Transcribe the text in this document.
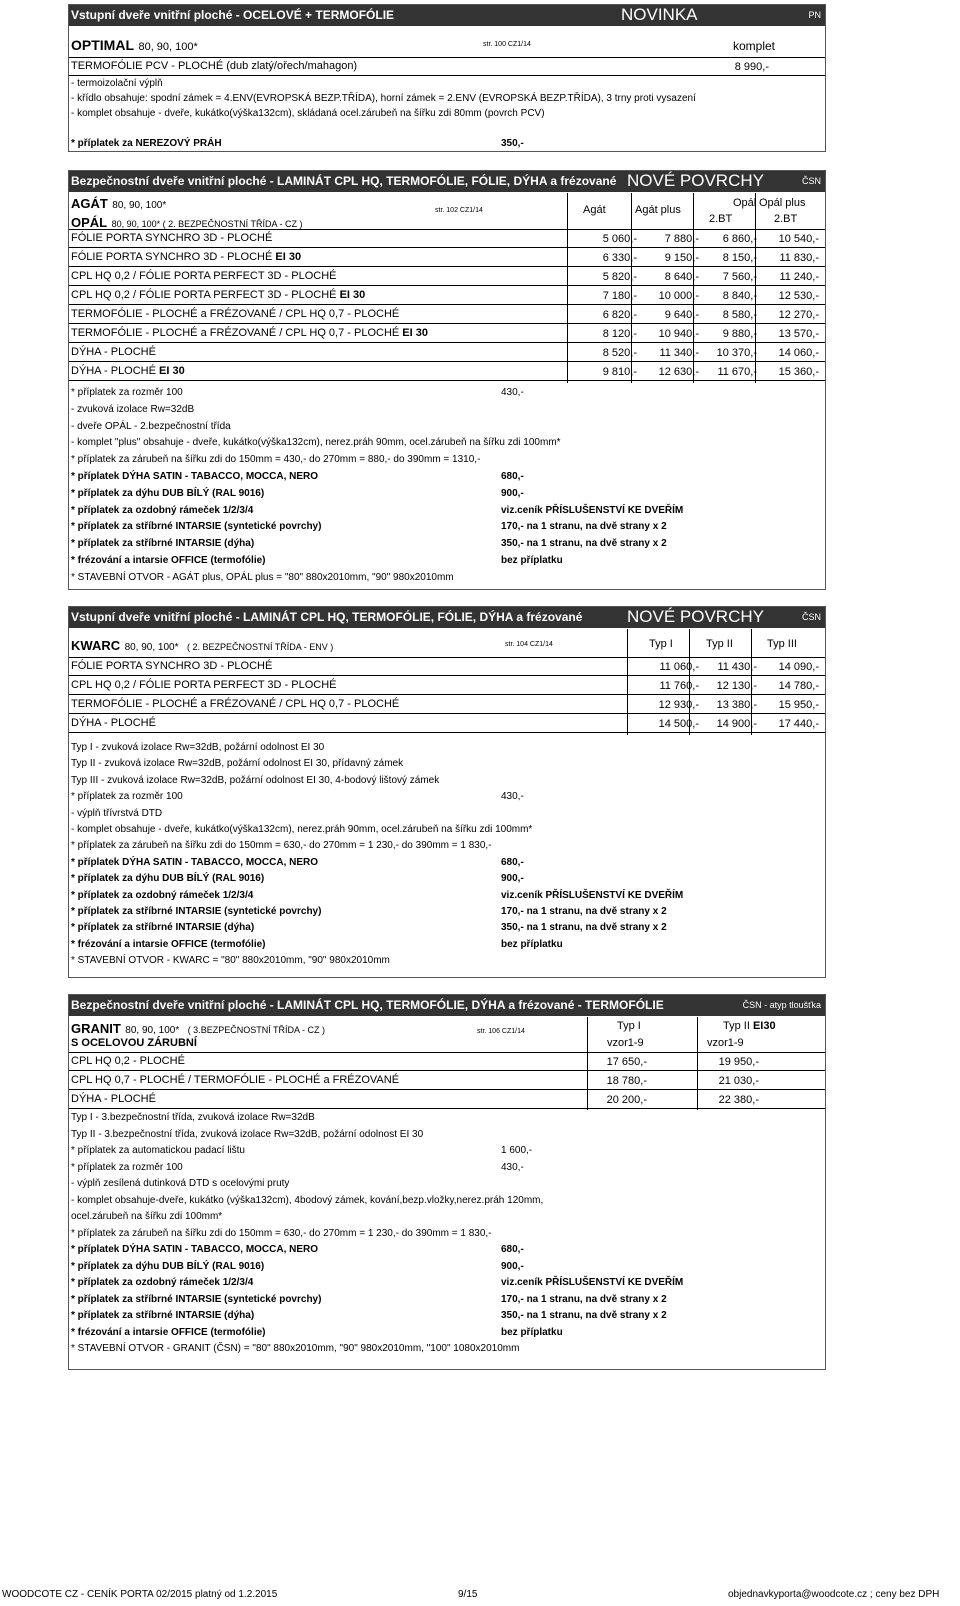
Vstupní dveře vnitřní ploché - OCELOVÉ + TERMOFÓLIE	NOVINKA	PN
OPTIMAL 80, 90, 100*	str. 100 CZ1/14	komplet
TERMOFÓLIE PCV - PLOCHÉ (dub zlatý/ořech/mahagon)	8 990,-
- termoizolační výplň
- křídlo obsahuje: spodní zámek = 4.ENV(EVROPSKÁ BEZP.TŘÍDA), horní zámek = 2.ENV (EVROPSKÁ BEZP.TŘÍDA), 3 trny proti vysazení
- komplet obsahuje - dveře, kukátko(výška132cm), skládaná ocel.zárubeň na šířku zdi 80mm (povrch PCV)
* příplatek za NEREZOVÝ PRÁH	350,-
Bezpečnostní dveře vnitřní ploché - LAMINÁT CPL HQ, TERMOFÓLIE, FÓLIE, DÝHA a frézované NOVÉ POVRCHY	ČSN
AGÁT 80, 90, 100*
OPÁL 80, 90, 100* ( 2. BEZPEČNOSTNÍ TŘÍDA - CZ )
str. 102 CZ1/14	Agát	Agát plus
Opál
2.BT
Opál plus
2.BT
FÓLIE PORTA SYNCHRO 3D - PLOCHÉ	5 060,-	7 880,- 6 860,- 10 540,-
FÓLIE PORTA SYNCHRO 3D - PLOCHÉ EI 30	6 330,-	9 150,- 8 150,- 11 830,-
CPL HQ 0,2 / FÓLIE PORTA PERFECT 3D - PLOCHÉ	5 820,-	8 640,- 7 560,- 11 240,-
CPL HQ 0,2 / FÓLIE PORTA PERFECT 3D - PLOCHÉ EI 30	7 180,- 10 000,- 8 840,- 12 530,-
TERMOFÓLIE - PLOCHÉ a FRÉZOVANÉ / CPL HQ 0,7 - PLOCHÉ	6 820,-	9 640,- 8 580,- 12 270,-
TERMOFÓLIE - PLOCHÉ a FRÉZOVANÉ / CPL HQ 0,7 - PLOCHÉ EI 30	8 120,- 10 940,- 9 880,- 13 570,-
DÝHA - PLOCHÉ	8 520,- 11 340,- 10 370,- 14 060,-
DÝHA - PLOCHÉ EI 30	9 810,- 12 630,- 11 670,- 15 360,-
* příplatek za rozměr 100	430,-
- zvuková izolace Rw=32dB
- dveře OPÁL - 2.bezpečnostní třída
- komplet "plus" obsahuje - dveře, kukátko(výška132cm), nerez.práh 90mm, ocel.zárubeň na šířku zdi 100mm*
* příplatek za zárubeň na šířku zdi do 150mm = 430,- do 270mm = 880,- do 390mm = 1310,-
* příplatek DÝHA SATIN - TABACCO, MOCCA, NERO	680,-
* příplatek za dýhu DUB BÍLÝ (RAL 9016)	900,-
* příplatek za ozdobný rámeček 1/2/3/4	viz.ceník PŘÍSLUŠENSTVÍ KE DVEŘÍM
* příplatek za stříbrné INTARSIE (syntetické povrchy)	170,- na 1 stranu, na dvě strany x 2
* příplatek za stříbrné INTARSIE (dýha)	350,- na 1 stranu, na dvě strany x 2
* frézování a intarsie OFFICE (termofólie)	bez příplatku
* STAVEBNÍ OTVOR - AGÁT plus, OPÁL plus = "80" 880x2010mm, "90" 980x2010mm
Vstupní dveře vnitřní ploché - LAMINÁT CPL HQ, TERMOFÓLIE, FÓLIE, DÝHA a frézované	NOVÉ POVRCHY	ČSN
KWARC 80, 90, 100* ( 2. BEZPEČNOSTNÍ TŘÍDA - ENV )	str. 104 CZ1/14	Typ I	Typ II	Typ III
FÓLIE PORTA SYNCHRO 3D - PLOCHÉ	11 060,- 11 430,- 14 090,-
CPL HQ 0,2 / FÓLIE PORTA PERFECT 3D - PLOCHÉ	11 760,- 12 130,- 14 780,-
TERMOFÓLIE - PLOCHÉ a FRÉZOVANÉ / CPL HQ 0,7 - PLOCHÉ	12 930,- 13 380,- 15 950,-
DÝHA - PLOCHÉ	14 500,- 14 900,- 17 440,-
Typ I - zvuková izolace Rw=32dB, požární odolnost EI 30
Typ II - zvuková izolace Rw=32dB, požární odolnost EI 30, přídavný zámek
Typ III - zvuková izolace Rw=32dB, požární odolnost EI 30, 4-bodový lištový zámek
* příplatek za rozměr 100	430,-
- výplň třívrstvá DTD
- komplet obsahuje - dveře, kukátko(výška132cm), nerez.práh 90mm, ocel.zárubeň na šířku zdi 100mm*
* příplatek za zárubeň na šířku zdi do 150mm = 630,- do 270mm = 1 230,- do 390mm = 1 830,-
* příplatek DÝHA SATIN - TABACCO, MOCCA, NERO	680,-
* příplatek za dýhu DUB BÍLÝ (RAL 9016)	900,-
* příplatek za ozdobný rámeček 1/2/3/4	viz.ceník PŘÍSLUŠENSTVÍ KE DVEŘÍM
* příplatek za stříbrné INTARSIE (syntetické povrchy)	170,- na 1 stranu, na dvě strany x 2
* příplatek za stříbrné INTARSIE (dýha)	350,- na 1 stranu, na dvě strany x 2
* frézování a intarsie OFFICE (termofólie)	bez příplatku
* STAVEBNÍ OTVOR - KWARC = "80" 880x2010mm, "90" 980x2010mm
Bezpečnostní dveře vnitřní ploché - LAMINÁT CPL HQ, TERMOFÓLIE, DÝHA a frézované - TERMOFÓLIE	ČSN - atyp tloušťka
GRANIT 80, 90, 100* ( 3.BEZPEČNOSTNÍ TŘÍDA - CZ )
S OCELOVOU ZÁRUBNÍ
str. 106 CZ1/14	Typ I	Typ II EI30
vzor1-9	vzor1-9
CPL HQ 0,2 - PLOCHÉ	17 650,-	19 950,-
CPL HQ 0,7 - PLOCHÉ / TERMOFÓLIE - PLOCHÉ a FRÉZOVANÉ	18 780,-	21 030,-
DÝHA - PLOCHÉ	20 200,-	22 380,-
Typ I - 3.bezpečnostní třída, zvuková izolace Rw=32dB
Typ II - 3.bezpečnostní třída, zvuková izolace Rw=32dB, požární odolnost EI 30
* příplatek za automatickou padací lištu	1 600,-
* příplatek za rozměr 100	430,-
- výplň zesílená dutinková DTD s ocelovými pruty
- komplet obsahuje-dveře, kukátko (výška132cm), 4bodový zámek, kování,bezp.vložky,nerez.práh 120mm,
ocel.zárubeň na šířku zdi 100mm*
* příplatek za zárubeň na šířku zdi do 150mm = 630,- do 270mm = 1 230,- do 390mm = 1 830,-
* příplatek DÝHA SATIN - TABACCO, MOCCA, NERO	680,-
* příplatek za dýhu DUB BÍLÝ (RAL 9016)	900,-
* příplatek za ozdobný rámeček 1/2/3/4	viz.ceník PŘÍSLUŠENSTVÍ KE DVEŘÍM
* příplatek za stříbrné INTARSIE (syntetické povrchy)	170,- na 1 stranu, na dvě strany x 2
* příplatek za stříbrné INTARSIE (dýha)	350,- na 1 stranu, na dvě strany x 2
* frézování a intarsie OFFICE (termofólie)	bez příplatku
* STAVEBNÍ OTVOR - GRANIT (ČSN) = "80" 880x2010mm, "90" 980x2010mm, "100" 1080x2010mm
WOODCOTE CZ - CENÍK PORTA 02/2015 platný od 1.2.2015	9/15	objednavkyporta@woodcote.cz ; ceny bez DPH
